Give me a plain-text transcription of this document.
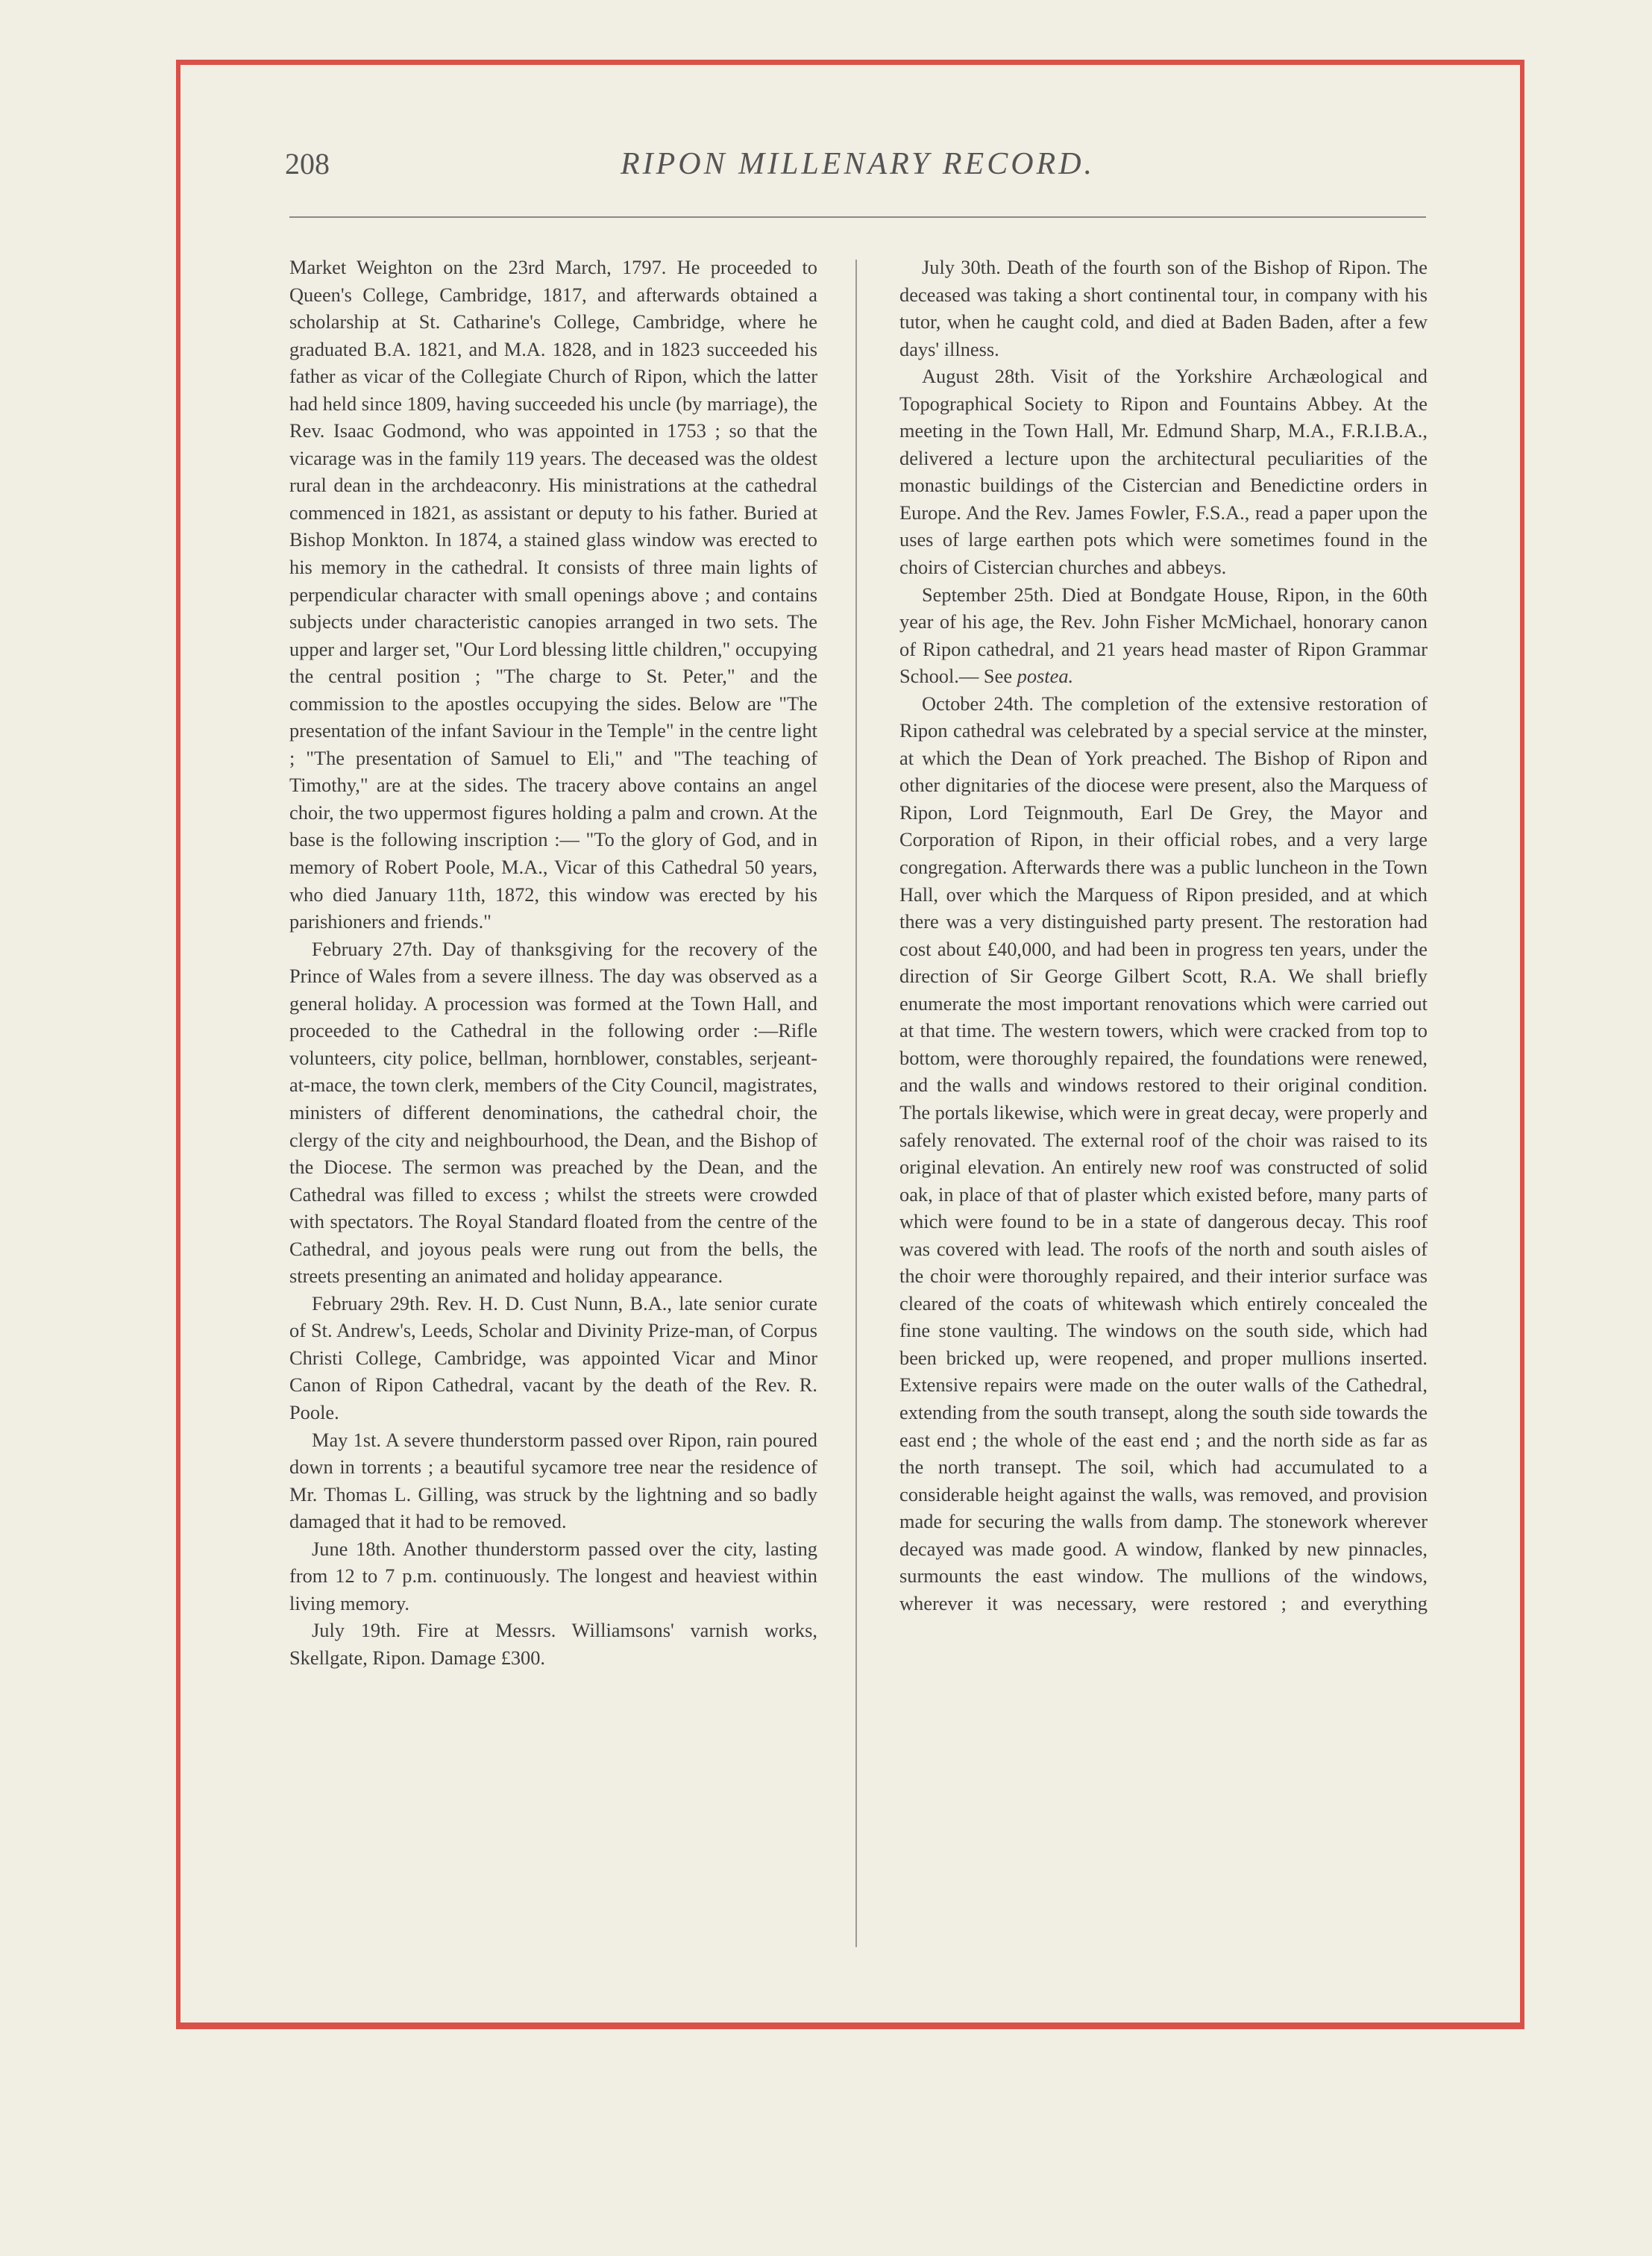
208	RIPON MILLENARY RECORD.

Market Weighton on the 23rd March, 1797. He proceeded to Queen's College, Cambridge, 1817, and afterwards obtained a scholarship at St. Catharine's College, Cambridge, where he graduated B.A. 1821, and M.A. 1828, and in 1823 succeeded his father as vicar of the Collegiate Church of Ripon, which the latter had held since 1809, having succeeded his uncle (by marriage), the Rev. Isaac Godmond, who was appointed in 1753 ; so that the vicarage was in the family 119 years. The deceased was the oldest rural dean in the archdeaconry. His ministrations at the cathedral commenced in 1821, as assistant or deputy to his father. Buried at Bishop Monkton. In 1874, a stained glass window was erected to his memory in the cathedral. It consists of three main lights of perpendicular character with small openings above ; and contains subjects under characteristic canopies arranged in two sets. The upper and larger set, "Our Lord blessing little children," occupying the central position ; "The charge to St. Peter," and the commission to the apostles occupying the sides. Below are "The presentation of the infant Saviour in the Temple" in the centre light ; "The presentation of Samuel to Eli," and "The teaching of Timothy," are at the sides. The tracery above contains an angel choir, the two uppermost figures holding a palm and crown. At the base is the following inscription :— "To the glory of God, and in memory of Robert Poole, M.A., Vicar of this Cathedral 50 years, who died January 11th, 1872, this window was erected by his parishioners and friends."

February 27th. Day of thanksgiving for the recovery of the Prince of Wales from a severe illness. The day was observed as a general holiday. A procession was formed at the Town Hall, and proceeded to the Cathedral in the following order :—Rifle volunteers, city police, bellman, hornblower, constables, serjeant-at-mace, the town clerk, members of the City Council, magistrates, ministers of different denominations, the cathedral choir, the clergy of the city and neighbourhood, the Dean, and the Bishop of the Diocese. The sermon was preached by the Dean, and the Cathedral was filled to excess ; whilst the streets were crowded with spectators. The Royal Standard floated from the centre of the Cathedral, and joyous peals were rung out from the bells, the streets presenting an animated and holiday appearance.

February 29th. Rev. H. D. Cust Nunn, B.A., late senior curate of St. Andrew's, Leeds, Scholar and Divinity Prize-man, of Corpus Christi College, Cambridge, was appointed Vicar and Minor Canon of Ripon Cathedral, vacant by the death of the Rev. R. Poole.

May 1st. A severe thunderstorm passed over Ripon, rain poured down in torrents ; a beautiful sycamore tree near the residence of Mr. Thomas L. Gilling, was struck by the lightning and so badly damaged that it had to be removed.

June 18th. Another thunderstorm passed over the city, lasting from 12 to 7 p.m. continuously. The longest and heaviest within living memory.

July 19th. Fire at Messrs. Williamsons' varnish works, Skellgate, Ripon. Damage £300.

July 30th. Death of the fourth son of the Bishop of Ripon. The deceased was taking a short continental tour, in company with his tutor, when he caught cold, and died at Baden Baden, after a few days' illness.

August 28th. Visit of the Yorkshire Archæological and Topographical Society to Ripon and Fountains Abbey. At the meeting in the Town Hall, Mr. Edmund Sharp, M.A., F.R.I.B.A., delivered a lecture upon the architectural peculiarities of the monastic buildings of the Cistercian and Benedictine orders in Europe. And the Rev. James Fowler, F.S.A., read a paper upon the uses of large earthen pots which were sometimes found in the choirs of Cistercian churches and abbeys.

September 25th. Died at Bondgate House, Ripon, in the 60th year of his age, the Rev. John Fisher McMichael, honorary canon of Ripon cathedral, and 21 years head master of Ripon Grammar School.— See postea.

October 24th. The completion of the extensive restoration of Ripon cathedral was celebrated by a special service at the minster, at which the Dean of York preached. The Bishop of Ripon and other dignitaries of the diocese were present, also the Marquess of Ripon, Lord Teignmouth, Earl De Grey, the Mayor and Corporation of Ripon, in their official robes, and a very large congregation. Afterwards there was a public luncheon in the Town Hall, over which the Marquess of Ripon presided, and at which there was a very distinguished party present. The restoration had cost about £40,000, and had been in progress ten years, under the direction of Sir George Gilbert Scott, R.A. We shall briefly enumerate the most important renovations which were carried out at that time. The western towers, which were cracked from top to bottom, were thoroughly repaired, the foundations were renewed, and the walls and windows restored to their original condition. The portals likewise, which were in great decay, were properly and safely renovated. The external roof of the choir was raised to its original elevation. An entirely new roof was constructed of solid oak, in place of that of plaster which existed before, many parts of which were found to be in a state of dangerous decay. This roof was covered with lead. The roofs of the north and south aisles of the choir were thoroughly repaired, and their interior surface was cleared of the coats of whitewash which entirely concealed the fine stone vaulting. The windows on the south side, which had been bricked up, were reopened, and proper mullions inserted. Extensive repairs were made on the outer walls of the Cathedral, extending from the south transept, along the south side towards the east end ; the whole of the east end ; and the north side as far as the north transept. The soil, which had accumulated to a considerable height against the walls, was removed, and provision made for securing the walls from damp. The stonework wherever decayed was made good. A window, flanked by new pinnacles, surmounts the east window. The mullions of the windows, wherever it was necessary, were restored ; and everything
